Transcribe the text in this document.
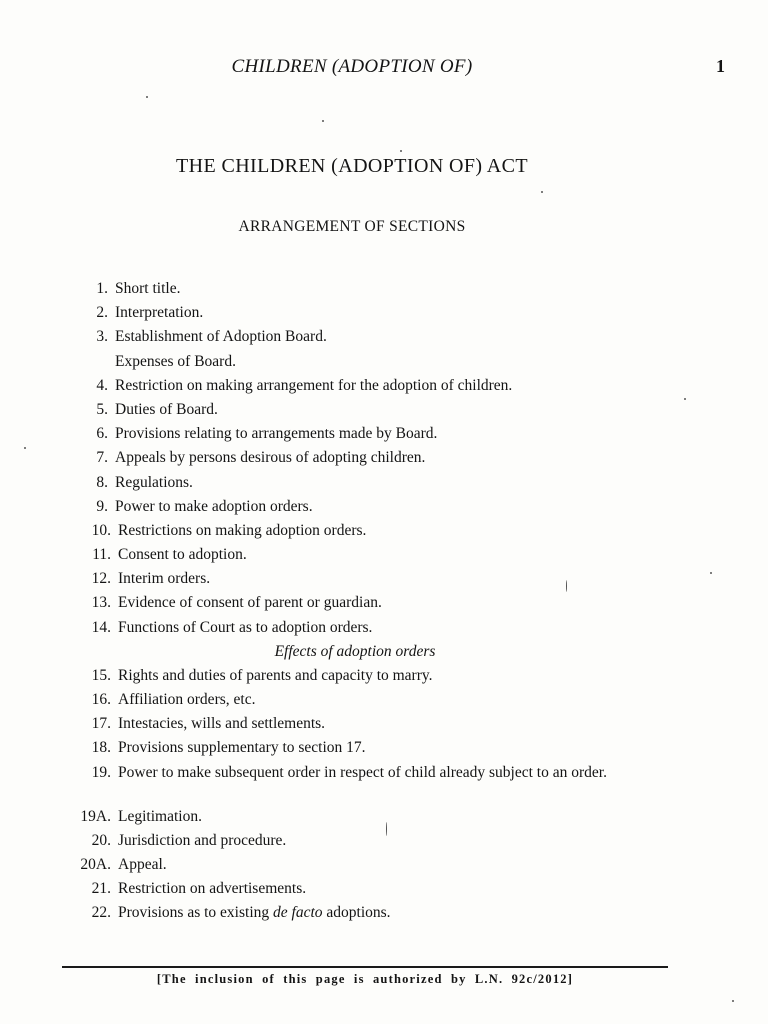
CHILDREN (ADOPTION OF)	1
THE CHILDREN (ADOPTION OF) ACT
ARRANGEMENT OF SECTIONS
1. Short title.
2. Interpretation.
3. Establishment of Adoption Board.
Expenses of Board.
4. Restriction on making arrangement for the adoption of children.
5. Duties of Board.
6. Provisions relating to arrangements made by Board.
7. Appeals by persons desirous of adopting children.
8. Regulations.
9. Power to make adoption orders.
10. Restrictions on making adoption orders.
11. Consent to adoption.
12. Interim orders.
13. Evidence of consent of parent or guardian.
14. Functions of Court as to adoption orders.
Effects of adoption orders
15. Rights and duties of parents and capacity to marry.
16. Affiliation orders, etc.
17. Intestacies, wills and settlements.
18. Provisions supplementary to section 17.
19. Power to make subsequent order in respect of child already subject to an order.
19A. Legitimation.
20. Jurisdiction and procedure.
20A. Appeal.
21. Restriction on advertisements.
22. Provisions as to existing de facto adoptions.
[The inclusion of this page is authorized by L.N. 92c/2012]
